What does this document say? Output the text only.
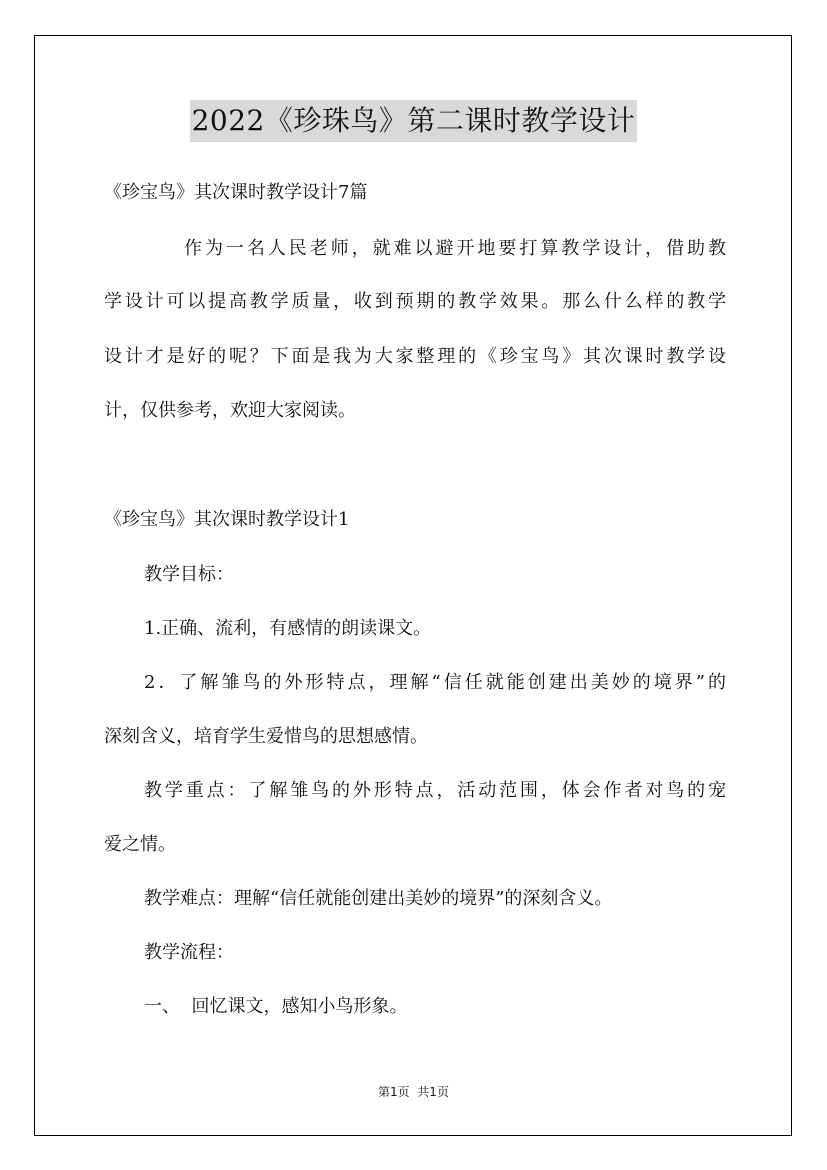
2022《珍珠鸟》第二课时教学设计
《珍宝鸟》其次课时教学设计7篇
作为一名人民老师，就难以避开地要打算教学设计，借助教
学设计可以提高教学质量，收到预期的教学效果。那么什么样的教学
设计才是好的呢？下面是我为大家整理的《珍宝鸟》其次课时教学设
计，仅供参考，欢迎大家阅读。
《珍宝鸟》其次课时教学设计1
教学目标：
1.正确、流利，有感情的朗读课文。
2．了解雏鸟的外形特点，理解“信任就能创建出美妙的境界”的
深刻含义，培育学生爱惜鸟的思想感情。
教学重点：了解雏鸟的外形特点，活动范围，体会作者对鸟的宠
爱之情。
教学难点：理解“信任就能创建出美妙的境界”的深刻含义。
教学流程：
一、  回忆课文，感知小鸟形象。
第1页  共1页
